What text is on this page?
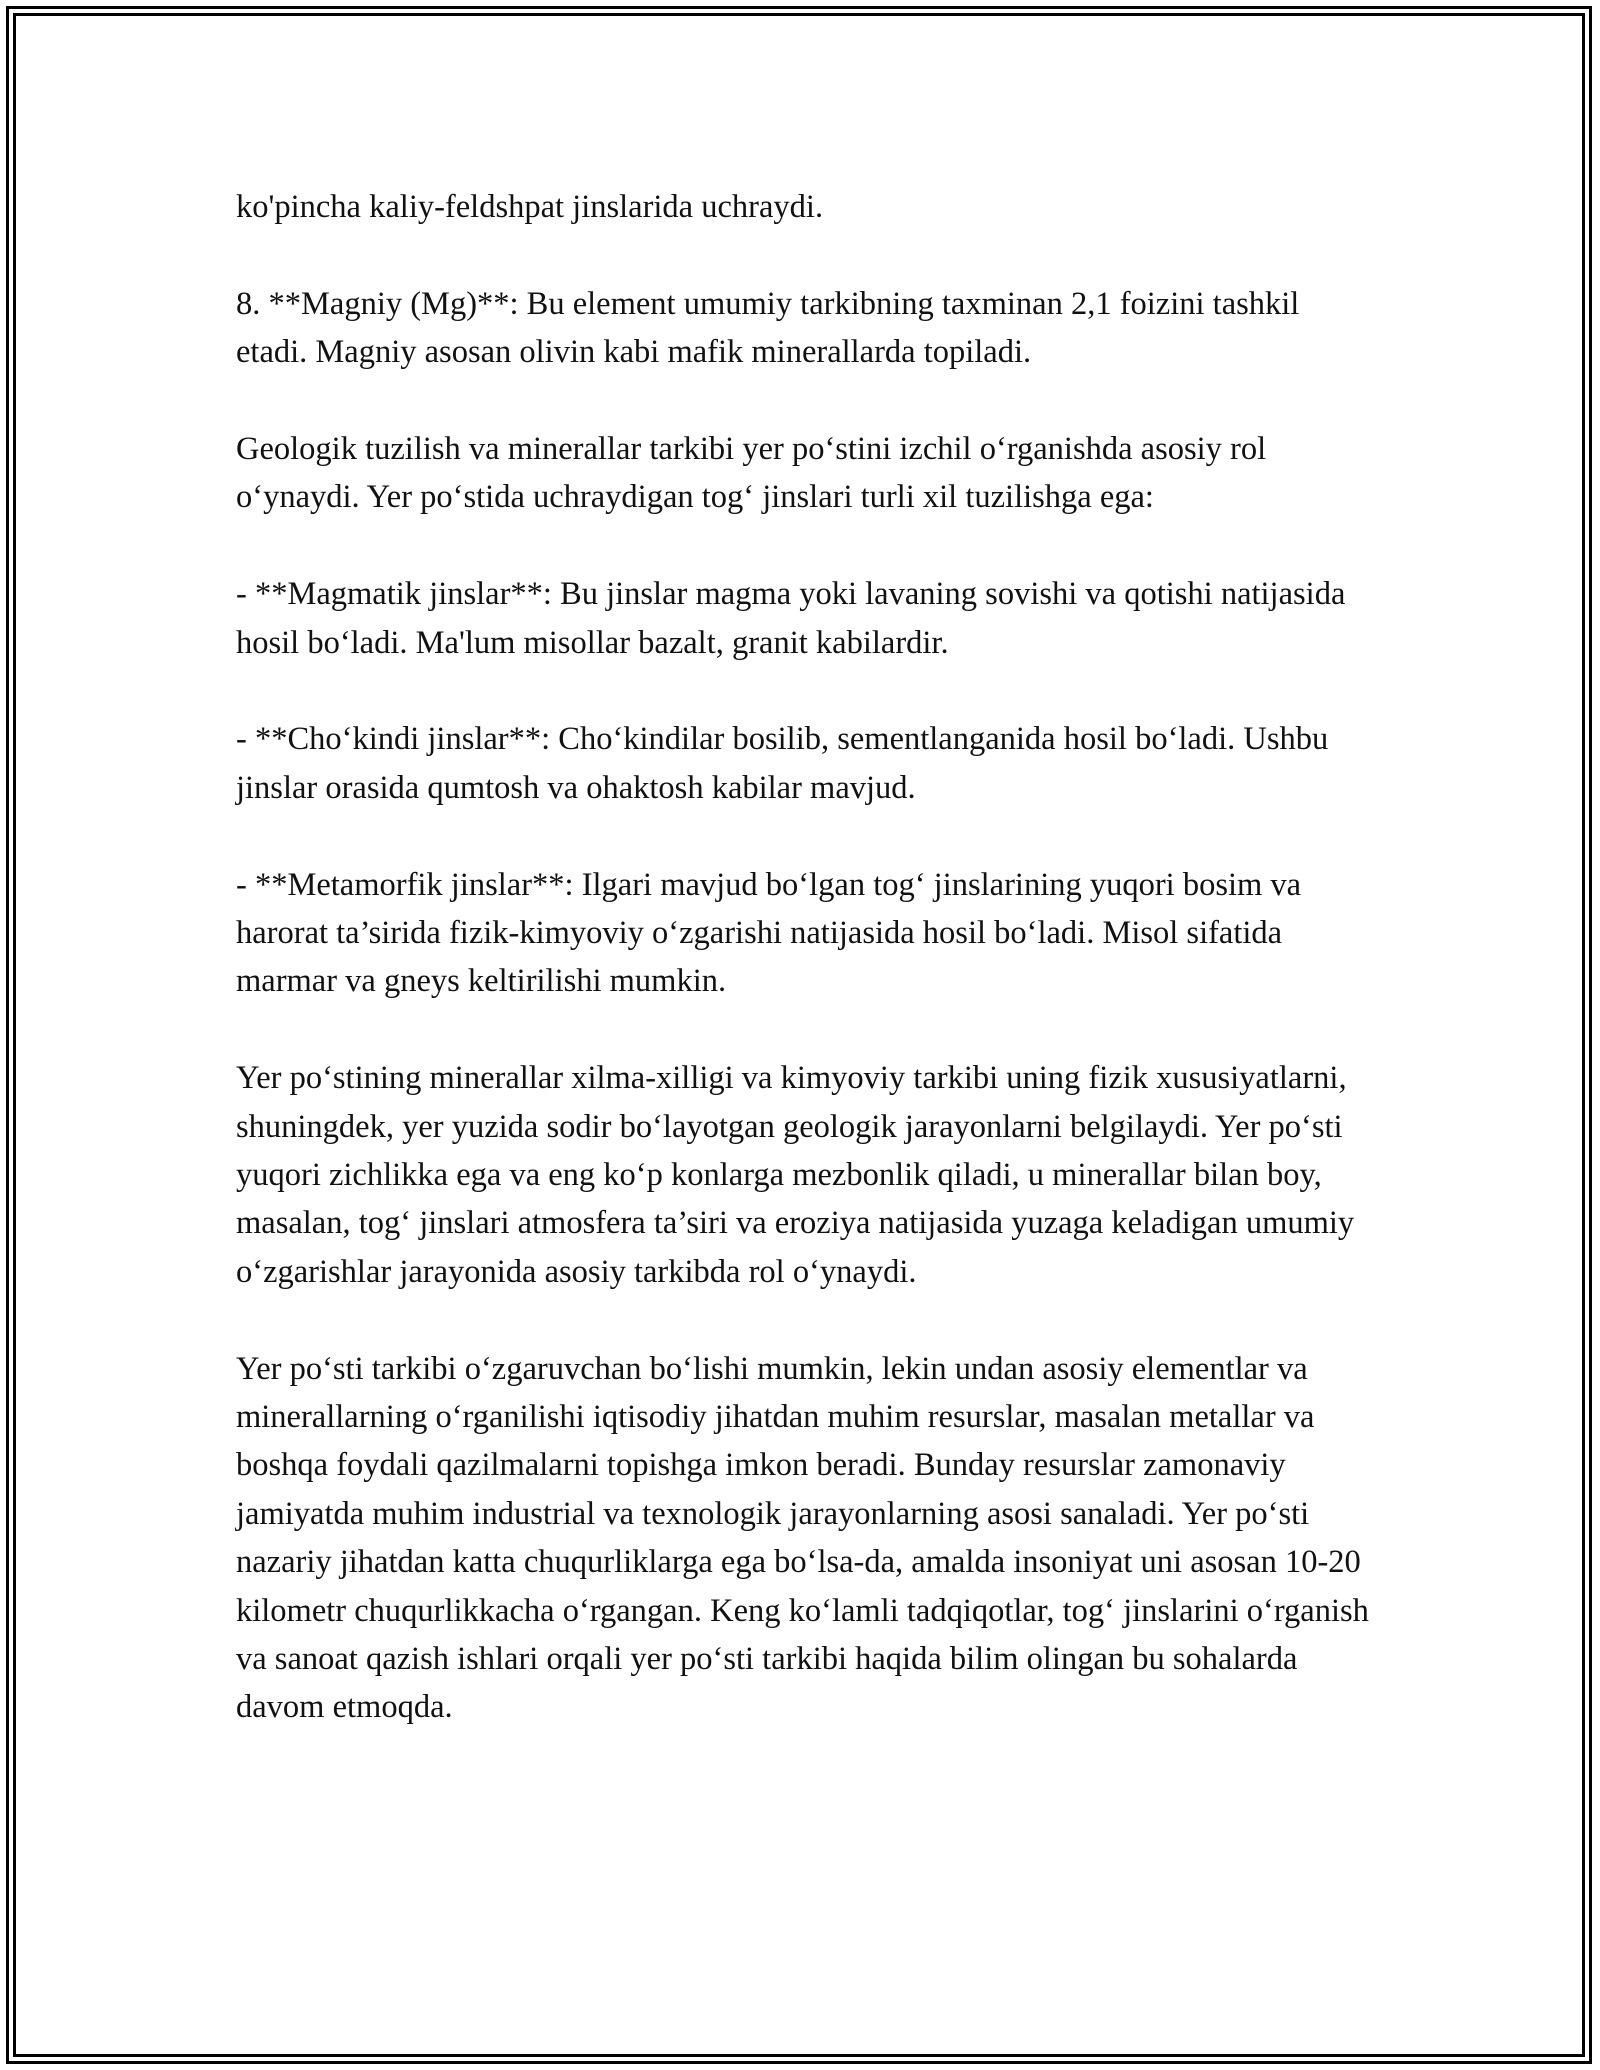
ko'pincha kaliy-feldshpat jinslarida uchraydi.

8. **Magniy (Mg)**: Bu element umumiy tarkibning taxminan 2,1 foizini tashkil etadi. Magniy asosan olivin kabi mafik minerallarda topiladi.

Geologik tuzilish va minerallar tarkibi yer po‘stini izchil o‘rganishda asosiy rol o‘ynaydi. Yer po‘stida uchraydigan tog‘ jinslari turli xil tuzilishga ega:

- **Magmatik jinslar**: Bu jinslar magma yoki lavaning sovishi va qotishi natijasida hosil bo‘ladi. Ma'lum misollar bazalt, granit kabilardir.

- **Cho‘kindi jinslar**: Cho‘kindilar bosilib, sementlanganida hosil bo‘ladi. Ushbu jinslar orasida qumtosh va ohaktosh kabilar mavjud.

- **Metamorfik jinslar**: Ilgari mavjud bo‘lgan tog‘ jinslarining yuqori bosim va harorat ta’sirida fizik-kimyoviy o‘zgarishi natijasida hosil bo‘ladi. Misol sifatida marmar va gneys keltirilishi mumkin.

Yer po‘stining minerallar xilma-xilligi va kimyoviy tarkibi uning fizik xususiyatlarni, shuningdek, yer yuzida sodir bo‘layotgan geologik jarayonlarni belgilaydi. Yer po‘sti yuqori zichlikka ega va eng ko‘p konlarga mezbonlik qiladi, u minerallar bilan boy, masalan, tog‘ jinslari atmosfera ta’siri va eroziya natijasida yuzaga keladigan umumiy o‘zgarishlar jarayonida asosiy tarkibda rol o‘ynaydi.

Yer po‘sti tarkibi o‘zgaruvchan bo‘lishi mumkin, lekin undan asosiy elementlar va minerallarning o‘rganilishi iqtisodiy jihatdan muhim resurslar, masalan metallar va boshqa foydali qazilmalarni topishga imkon beradi. Bunday resurslar zamonaviy jamiyatda muhim industrial va texnologik jarayonlarning asosi sanaladi. Yer po‘sti nazariy jihatdan katta chuqurliklarga ega bo‘lsa-da, amalda insoniyat uni asosan 10-20 kilometr chuqurlikkacha o‘rgangan. Keng ko‘lamli tadqiqotlar, tog‘ jinslarini o‘rganish va sanoat qazish ishlari orqali yer po‘sti tarkibi haqida bilim olingan bu sohalarda davom etmoqda.
